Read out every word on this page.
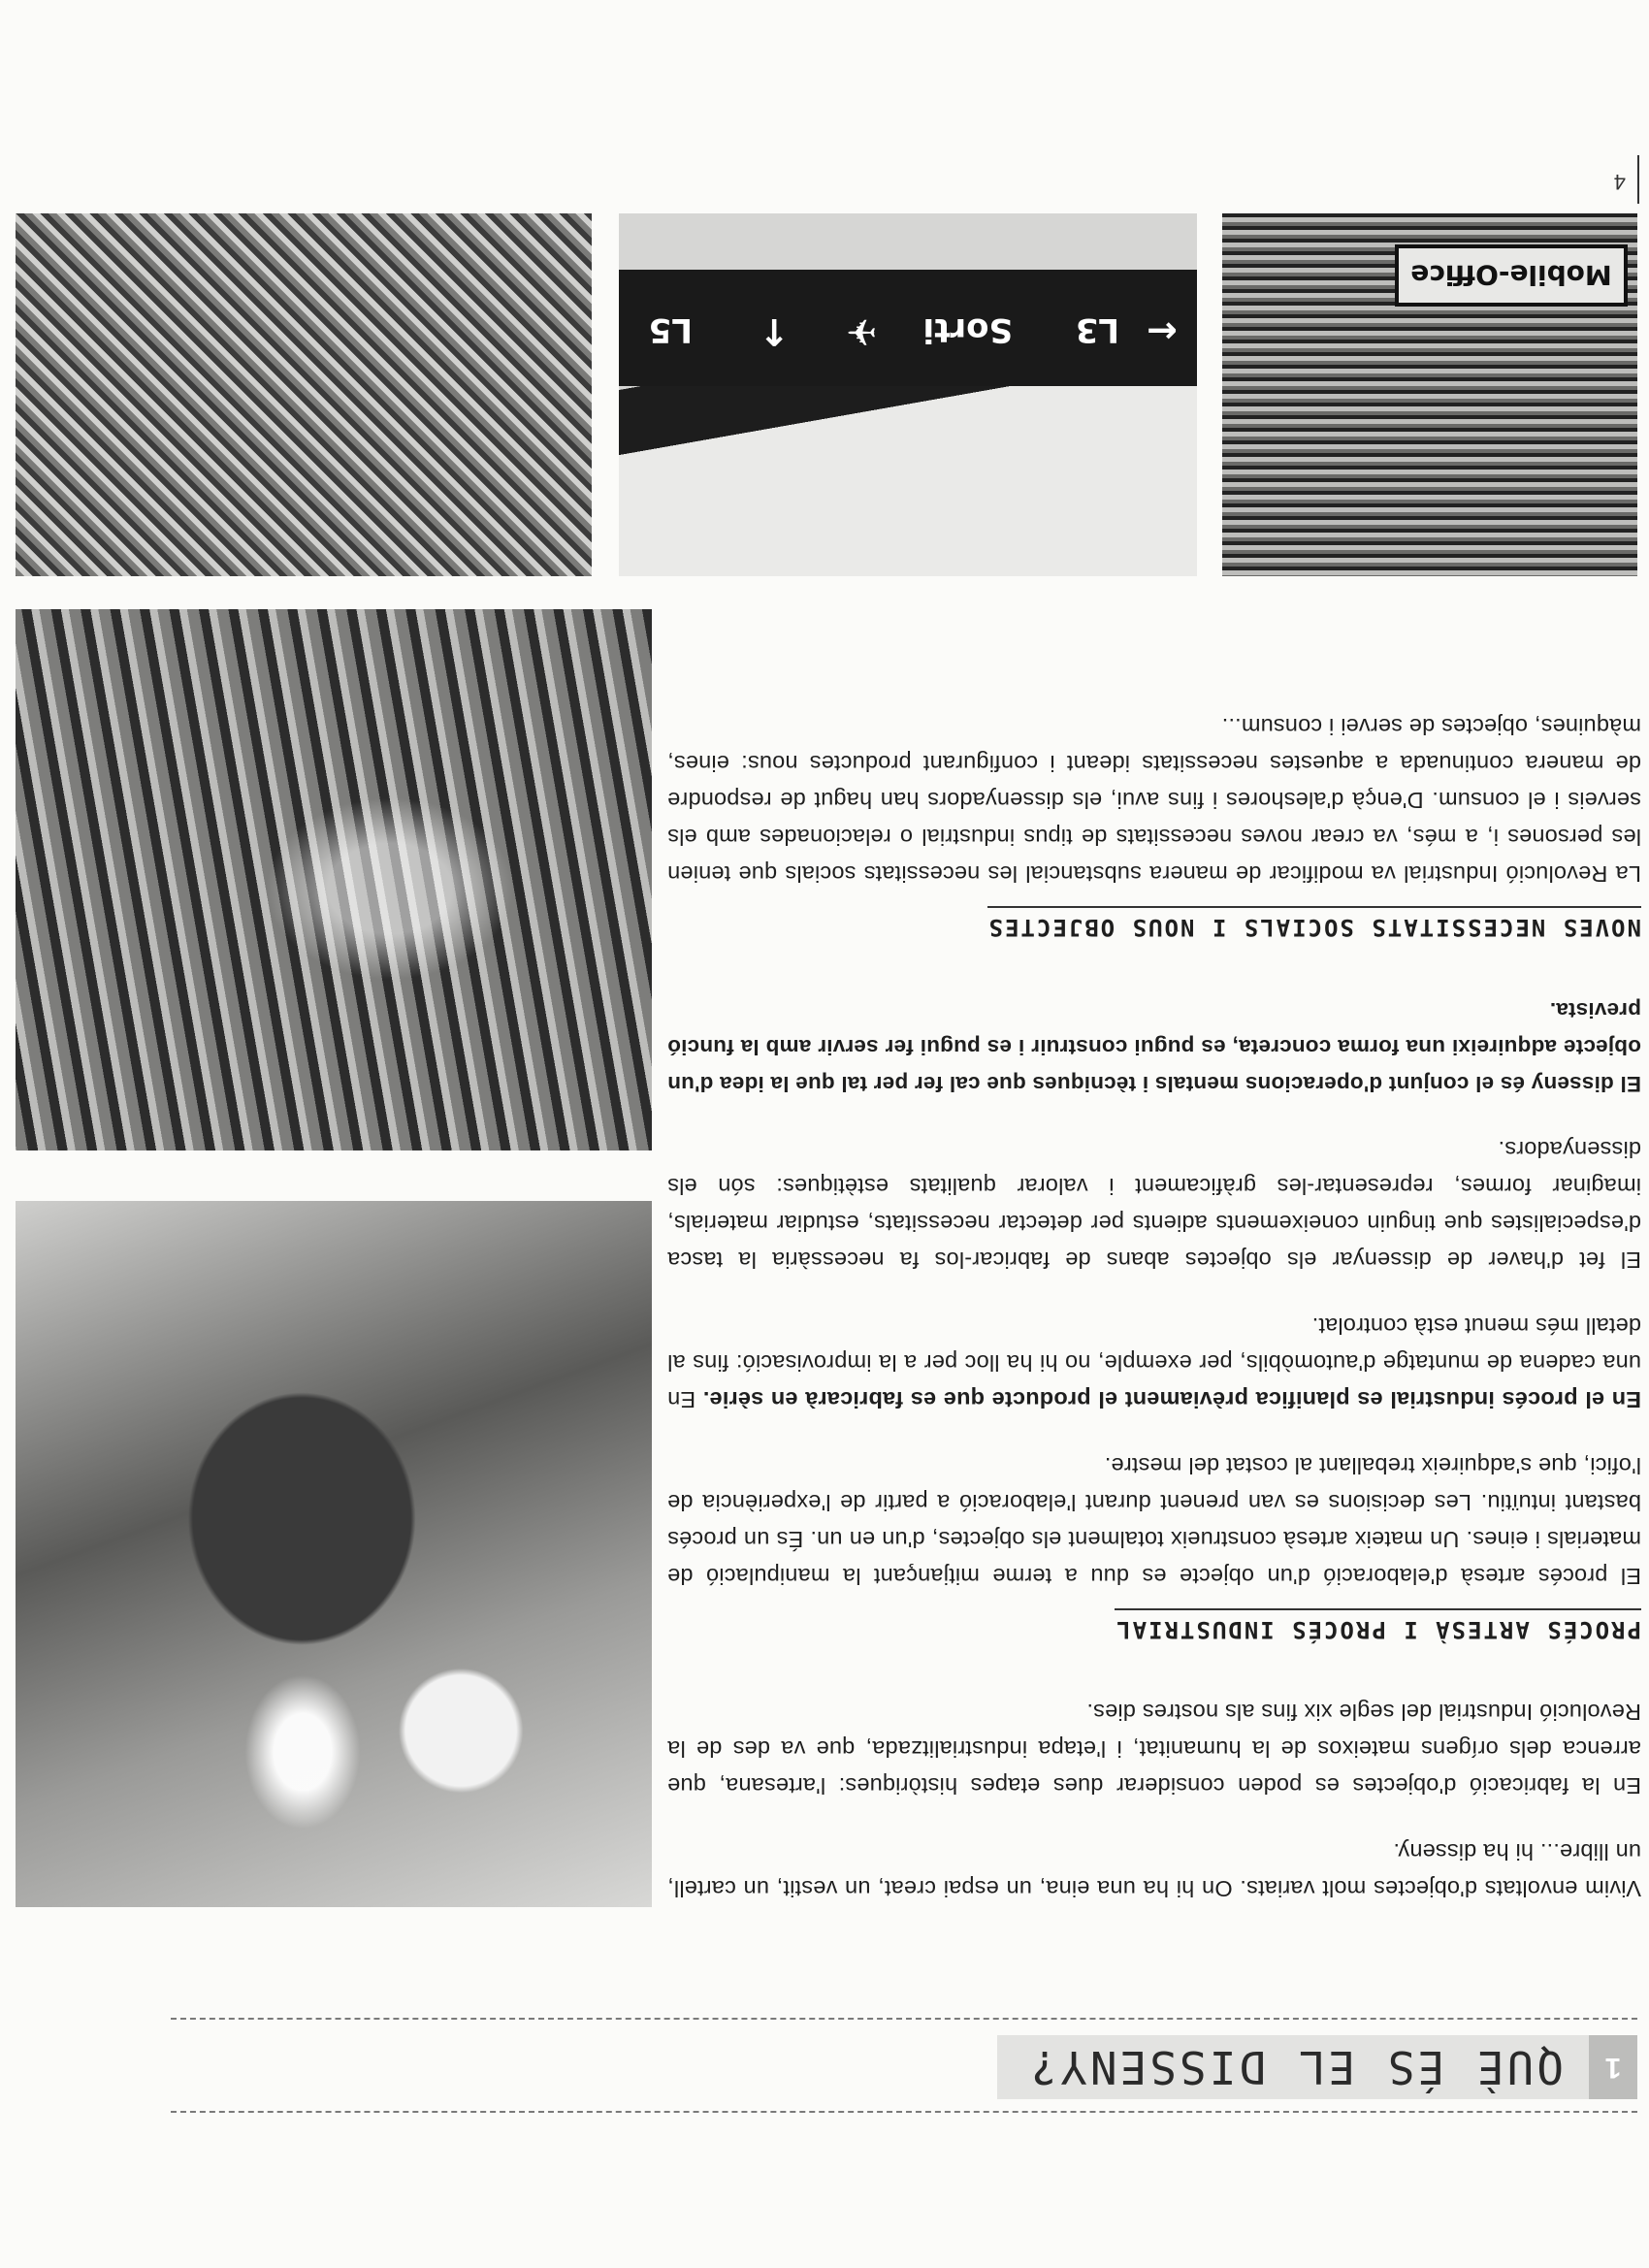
1
QUÈ ÉS EL DISSENY?

Vivim envoltats d'objectes molt variats. On hi ha una eina, un espai creat, un vestit, un cartell, un llibre... hi ha disseny.

En la fabricació d'objectes es poden considerar dues etapes històriques: l'artesana, que arrenca dels orígens mateixos de la humanitat, i l'etapa industrialitzada, que va des de la Revolució Industrial del segle xix fins als nostres dies.

PROCÉS ARTESÀ I PROCÉS INDUSTRIAL

El procés artesà d'elaboració d'un objecte es duu a terme mitjançant la manipulació de materials i eines. Un mateix artesà construeix totalment els objectes, d'un en un. És un procés bastant intuïtiu. Les decisions es van prenent durant l'elaboració a partir de l'experiència de l'ofici, que s'adquireix treballant al costat del mestre.

En el procés industrial es planifica prèviament el producte que es fabricarà en sèrie. En una cadena de muntatge d'automòbils, per exemple, no hi ha lloc per a la improvisació: fins al detall més menut està controlat.

El fet d'haver de dissenyar els objectes abans de fabricar-los fa necessària la tasca d'especialistes que tinguin coneixements adients per detectar necessitats, estudiar materials, imaginar formes, representar-les gràficament i valorar qualitats estètiques: són els dissenyadors.

El disseny és el conjunt d'operacions mentals i tècniques que cal fer per tal que la idea d'un objecte adquireixi una forma concreta, es pugui construir i es pugui fer servir amb la funció prevista.

NOVES NECESSITATS SOCIALS I NOUS OBJECTES

La Revolució Industrial va modificar de manera substancial les necessitats socials que tenien les persones i, a més, va crear noves necessitats de tipus industrial o relacionades amb els serveis i el consum. D'ençà d'aleshores i fins avui, els dissenyadors han hagut de respondre de manera continuada a aquestes necessitats ideant i configurant productes nous: eines, màquines, objectes de servei i consum...

L3 ←
L5	Sorti
✈
↑
Mobile-Office
4
